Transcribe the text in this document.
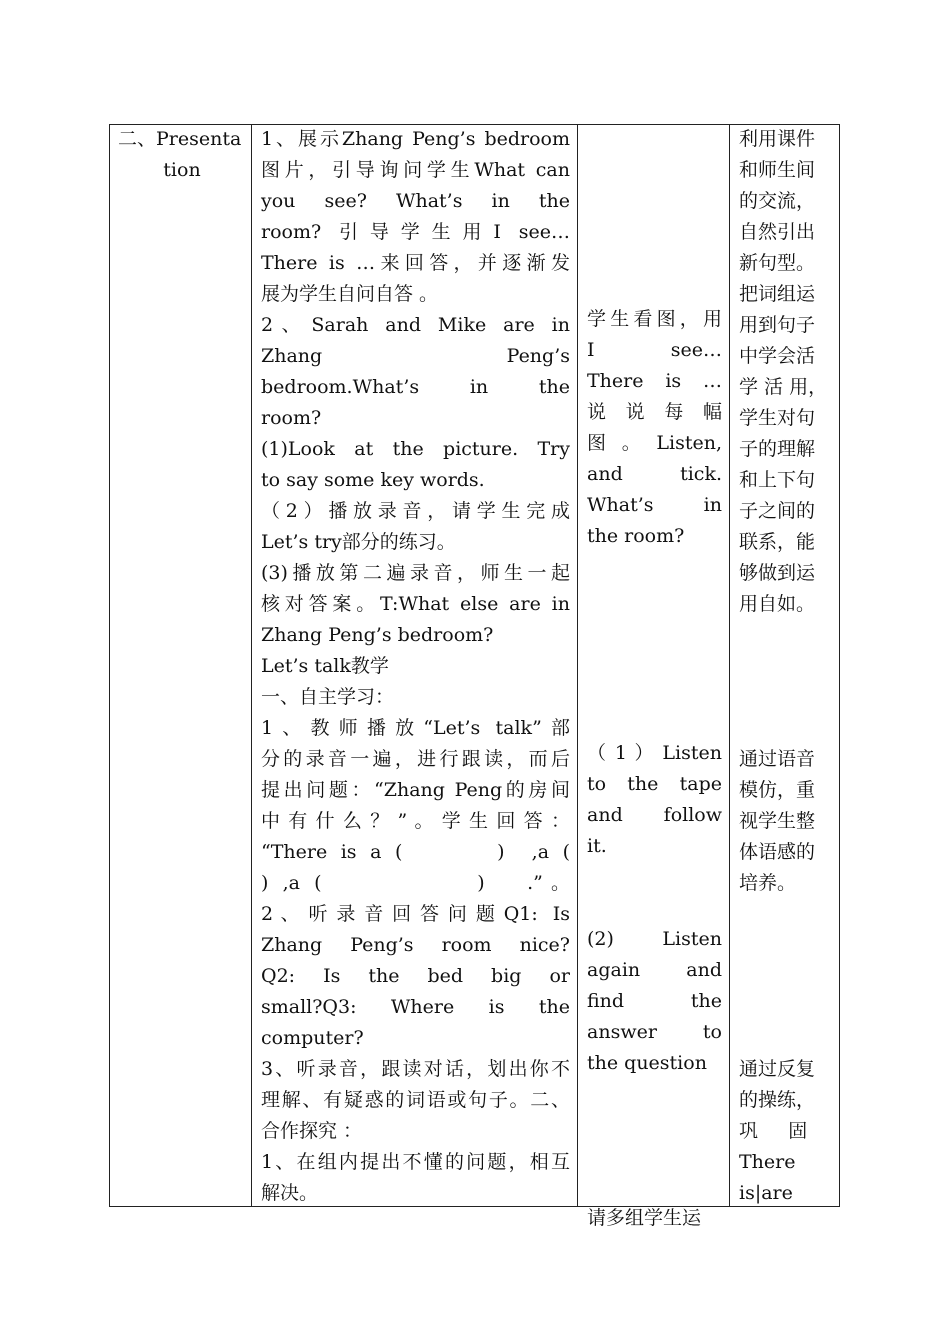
二、Presenta
tion
1、展示Zhang Peng’s bedroom
图片，引导询问学生What can
you  see?  What’s  in  the
room?  引 导 学 生 用 I  see…
There is …来回答，并逐渐发
展为学生自问自答 。
2 、 Sarah  and  Mike  are  in
Zhang                   Peng’s
bedroom.What’s    in    the
room?
(1)Look at the picture. Try
to say some key words.
（2）播放录音，请学生完成
Let’s try部分的练习。
(3)播放第二遍录音，师生一起
核对答案。T:What else are in
Zhang Peng’s bedroom?
Let’s talk教学
一、自主学习：
1、教师播放“Let’s talk”部
分的录音一遍，进行跟读，而后
提出问题：“Zhang Peng的房间
中 有 什 么 ？ ” 。 学 生 回 答 ：
“There is a (       )  ,a (
) ,a (           )   .”。
2 、 听 录 音 回 答 问 题 Q1:  Is
Zhang  Peng’s  room  nice?
Q2:  Is  the  bed  big  or
small?Q3:  Where  is  the
computer?
3、听录音，跟读对话，划出你不
理解、有疑惑的词语或句子。二、
合作探究 ：
1、在组内提出不懂的问题，相互
解决。
学生看图，用
I     see…
There  is  …
说 说 每 幅
图 。 Listen,
and    tick.
What’s   in
the room?
（ 1 ） Listen
to  the  tape
and   follow
it.
(2)    Listen
again    and
find     the
answer    to
the question
请多组学生运
利用课件
和师生间
的交流，
自然引出
新句型。
把词组运
用到句子
中学会活
学 活 用，
学生对句
子的理解
和上下句
子之间的
联系，能
够做到运
用自如。
通过语音
模仿，重
视学生整
体语感的
培养。
通过反复
的操练，
巩     固
There
is|are
